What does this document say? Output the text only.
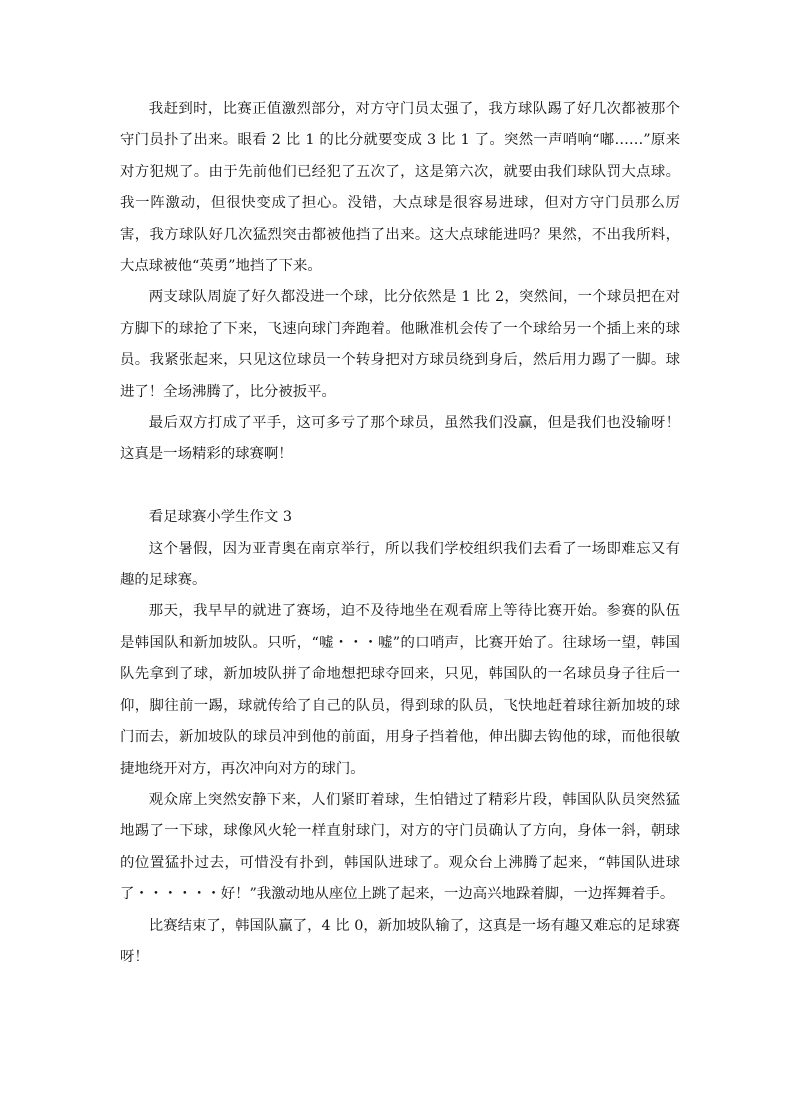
我赶到时，比赛正值激烈部分，对方守门员太强了，我方球队踢了好几次都被那个守门员扑了出来。眼看 2 比 1 的比分就要变成 3 比 1 了。突然一声哨响“嘟……”原来对方犯规了。由于先前他们已经犯了五次了，这是第六次，就要由我们球队罚大点球。我一阵激动，但很快变成了担心。没错，大点球是很容易进球，但对方守门员那么厉害，我方球队好几次猛烈突击都被他挡了出来。这大点球能进吗？果然，不出我所料，大点球被他“英勇”地挡了下来。

两支球队周旋了好久都没进一个球，比分依然是 1 比 2，突然间，一个球员把在对方脚下的球抢了下来，飞速向球门奔跑着。他瞅准机会传了一个球给另一个插上来的球员。我紧张起来，只见这位球员一个转身把对方球员绕到身后，然后用力踢了一脚。球进了！全场沸腾了，比分被扳平。

最后双方打成了平手，这可多亏了那个球员，虽然我们没赢，但是我们也没输呀！这真是一场精彩的球赛啊！

看足球赛小学生作文 3

这个暑假，因为亚青奥在南京举行，所以我们学校组织我们去看了一场即难忘又有趣的足球赛。

那天，我早早的就进了赛场，迫不及待地坐在观看席上等待比赛开始。参赛的队伍是韩国队和新加坡队。只听，“嘘・・・嘘”的口哨声，比赛开始了。往球场一望，韩国队先拿到了球，新加坡队拼了命地想把球夺回来，只见，韩国队的一名球员身子往后一仰，脚往前一踢，球就传给了自己的队员，得到球的队员，飞快地赶着球往新加坡的球门而去，新加坡队的球员冲到他的前面，用身子挡着他，伸出脚去钩他的球，而他很敏捷地绕开对方，再次冲向对方的球门。

观众席上突然安静下来，人们紧盯着球，生怕错过了精彩片段，韩国队队员突然猛地踢了一下球，球像风火轮一样直射球门，对方的守门员确认了方向，身体一斜，朝球的位置猛扑过去，可惜没有扑到，韩国队进球了。观众台上沸腾了起来，“韩国队进球了・・・・・・好！”我激动地从座位上跳了起来，一边高兴地跺着脚，一边挥舞着手。

比赛结束了，韩国队赢了，4 比 0，新加坡队输了，这真是一场有趣又难忘的足球赛呀！
